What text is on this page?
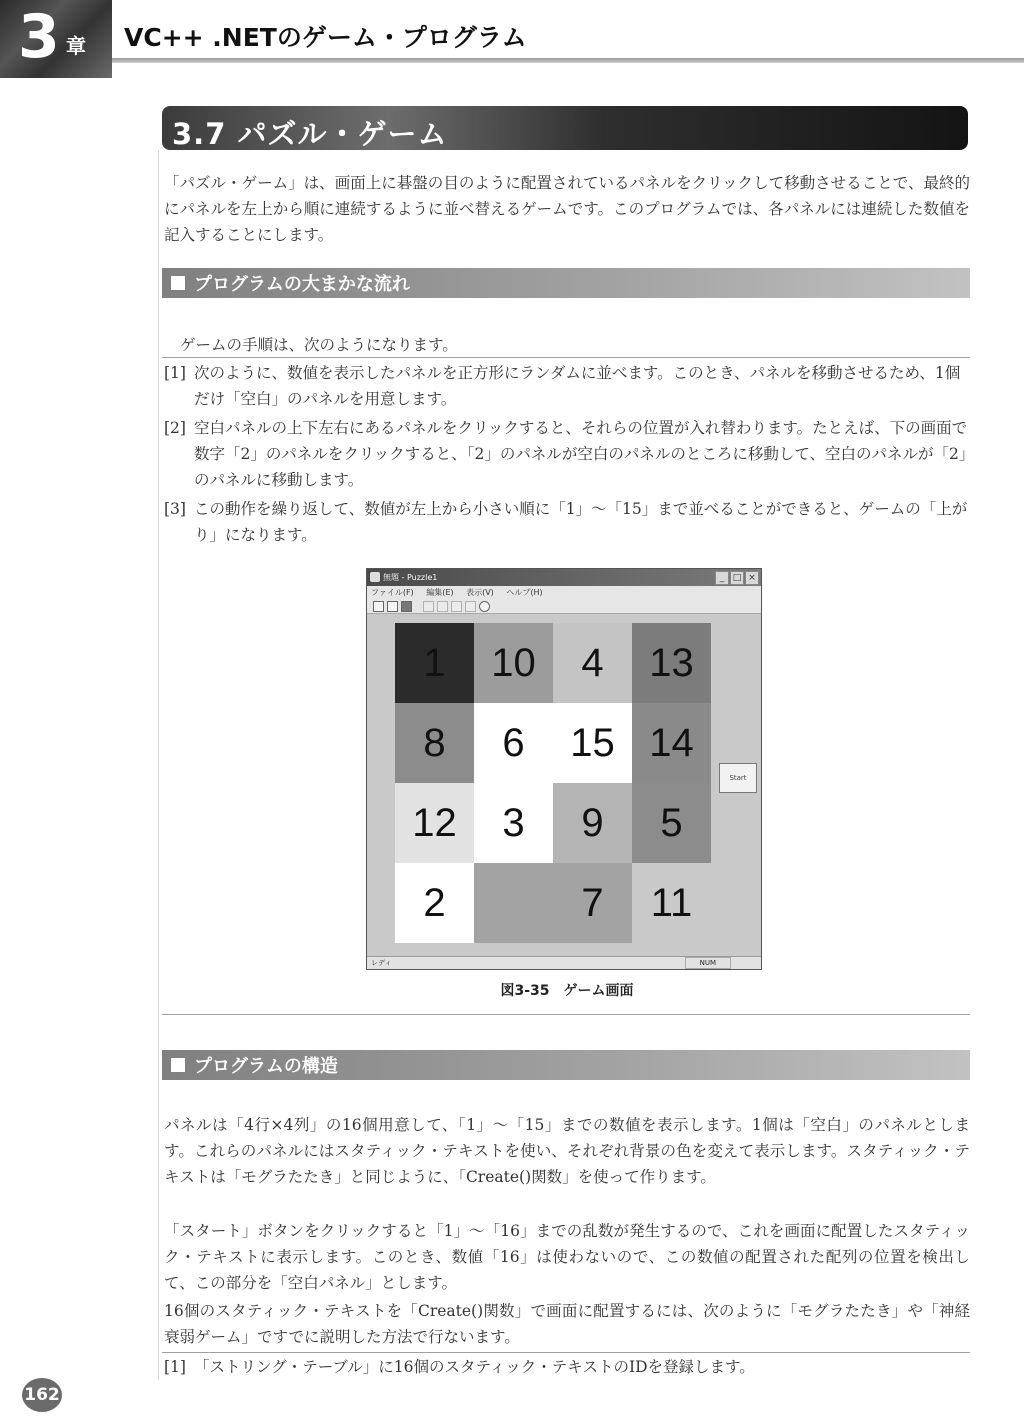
3 章 VC++ .NETのゲーム・プログラム
3.7 パズル・ゲーム

「パズル・ゲーム」は、画面上に碁盤の目のように配置されているパネルをクリックして移動させることで、最終的にパネルを左上から順に連続するように並べ替えるゲームです。このプログラムでは、各パネルには連続した数値を記入することにします。

プログラムの大まかな流れ

ゲームの手順は、次のようになります。

[1] 次のように、数値を表示したパネルを正方形にランダムに並べます。このとき、パネルを移動させるため、1個だけ「空白」のパネルを用意します。
[2] 空白パネルの上下左右にあるパネルをクリックすると、それらの位置が入れ替わります。たとえば、下の画面で数字「2」のパネルをクリックすると、「2」のパネルが空白のパネルのところに移動して、空白のパネルが「2」のパネルに移動します。
[3] この動作を繰り返して、数値が左上から小さい順に「1」～「15」まで並べることができると、ゲームの「上がり」になります。
無題 - Puzzle1	_ □ ×
ファイル(F) 編集(E) 表示(V) ヘルプ(H)
1	10	4	13
8	6	15 14
12	3	9	5
2	7	11
Start
レディ	NUM
図3-35　ゲーム画面
プログラムの構造

パネルは「4行×4列」の16個用意して、「1」～「15」までの数値を表示します。1個は「空白」のパネルとします。これらのパネルにはスタティック・テキストを使い、それぞれ背景の色を変えて表示します。スタティック・テキストは「モグラたたき」と同じように、「Create()関数」を使って作ります。

「スタート」ボタンをクリックすると「1」～「16」までの乱数が発生するので、これを画面に配置したスタティック・テキストに表示します。このとき、数値「16」は使わないので、この数値の配置された配列の位置を検出して、この部分を「空白パネル」とします。

16個のスタティック・テキストを「Create()関数」で画面に配置するには、次のように「モグラたたき」や「神経衰弱ゲーム」ですでに説明した方法で行ないます。

[1] 「ストリング・テーブル」に16個のスタティック・テキストのIDを登録します。
162
